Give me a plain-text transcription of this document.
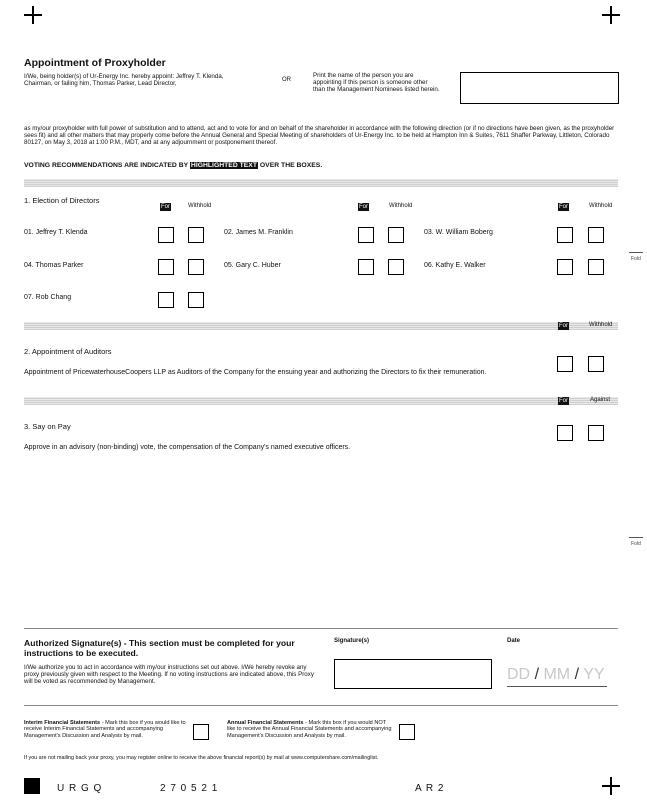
Appointment of Proxyholder
I/We, being holder(s) of Ur-Energy Inc. hereby appoint: Jeffrey T. Klenda, Chairman, or failing him, Thomas Parker, Lead Director,	OR
Print the name of the person you are appointing if this person is someone other than the Management Nominees listed herein.
as my/our proxyholder with full power of substitution and to attend, act and to vote for and on behalf of the shareholder in accordance with the following direction (or if no directions have been given, as the proxyholder sees fit) and all other matters that may properly come before the Annual General and Special Meeting of shareholders of Ur-Energy Inc. to be held at Hampton Inn & Suites, 7611 Shaffer Parkway, Littleton, Colorado 80127, on May 3, 2018 at 1:00 P.M., MDT, and at any adjournment or postponement thereof.
VOTING RECOMMENDATIONS ARE INDICATED BY HIGHLIGHTED TEXT OVER THE BOXES.
1. Election of Directors
For	Withhold	For	Withhold	For	Withhold
01. Jeffrey T. Klenda	02. James M. Franklin	03. W. William Boberg
04. Thomas Parker	05. Gary C. Huber	06. Kathy E. Walker
07. Rob Chang
For	Withhold
2. Appointment of Auditors
Appointment of PricewaterhouseCoopers LLP as Auditors of the Company for the ensuing year and authorizing the Directors to fix their remuneration.
For	Against
3. Say on Pay
Approve in an advisory (non-binding) vote, the compensation of the Company's named executive officers.
Fold
Fold
Authorized Signature(s) - This section must be completed for your instructions to be executed.
I/We authorize you to act in accordance with my/our instructions set out above. I/We hereby revoke any proxy previously given with respect to the Meeting. If no voting instructions are indicated above, this Proxy will be voted as recommended by Management.
Signature(s)	Date
DD / MM / YY
Interim Financial Statements - Mark this box if you would like to receive Interim Financial Statements and accompanying Management's Discussion and Analysis by mail.
Annual Financial Statements - Mark this box if you would NOT like to receive the Annual Financial Statements and accompanying Management's Discussion and Analysis by mail.
If you are not mailing back your proxy, you may register online to receive the above financial report(s) by mail at www.computershare.com/mailinglist.
U R G Q	2 7 0 5 2 1	A R 2
